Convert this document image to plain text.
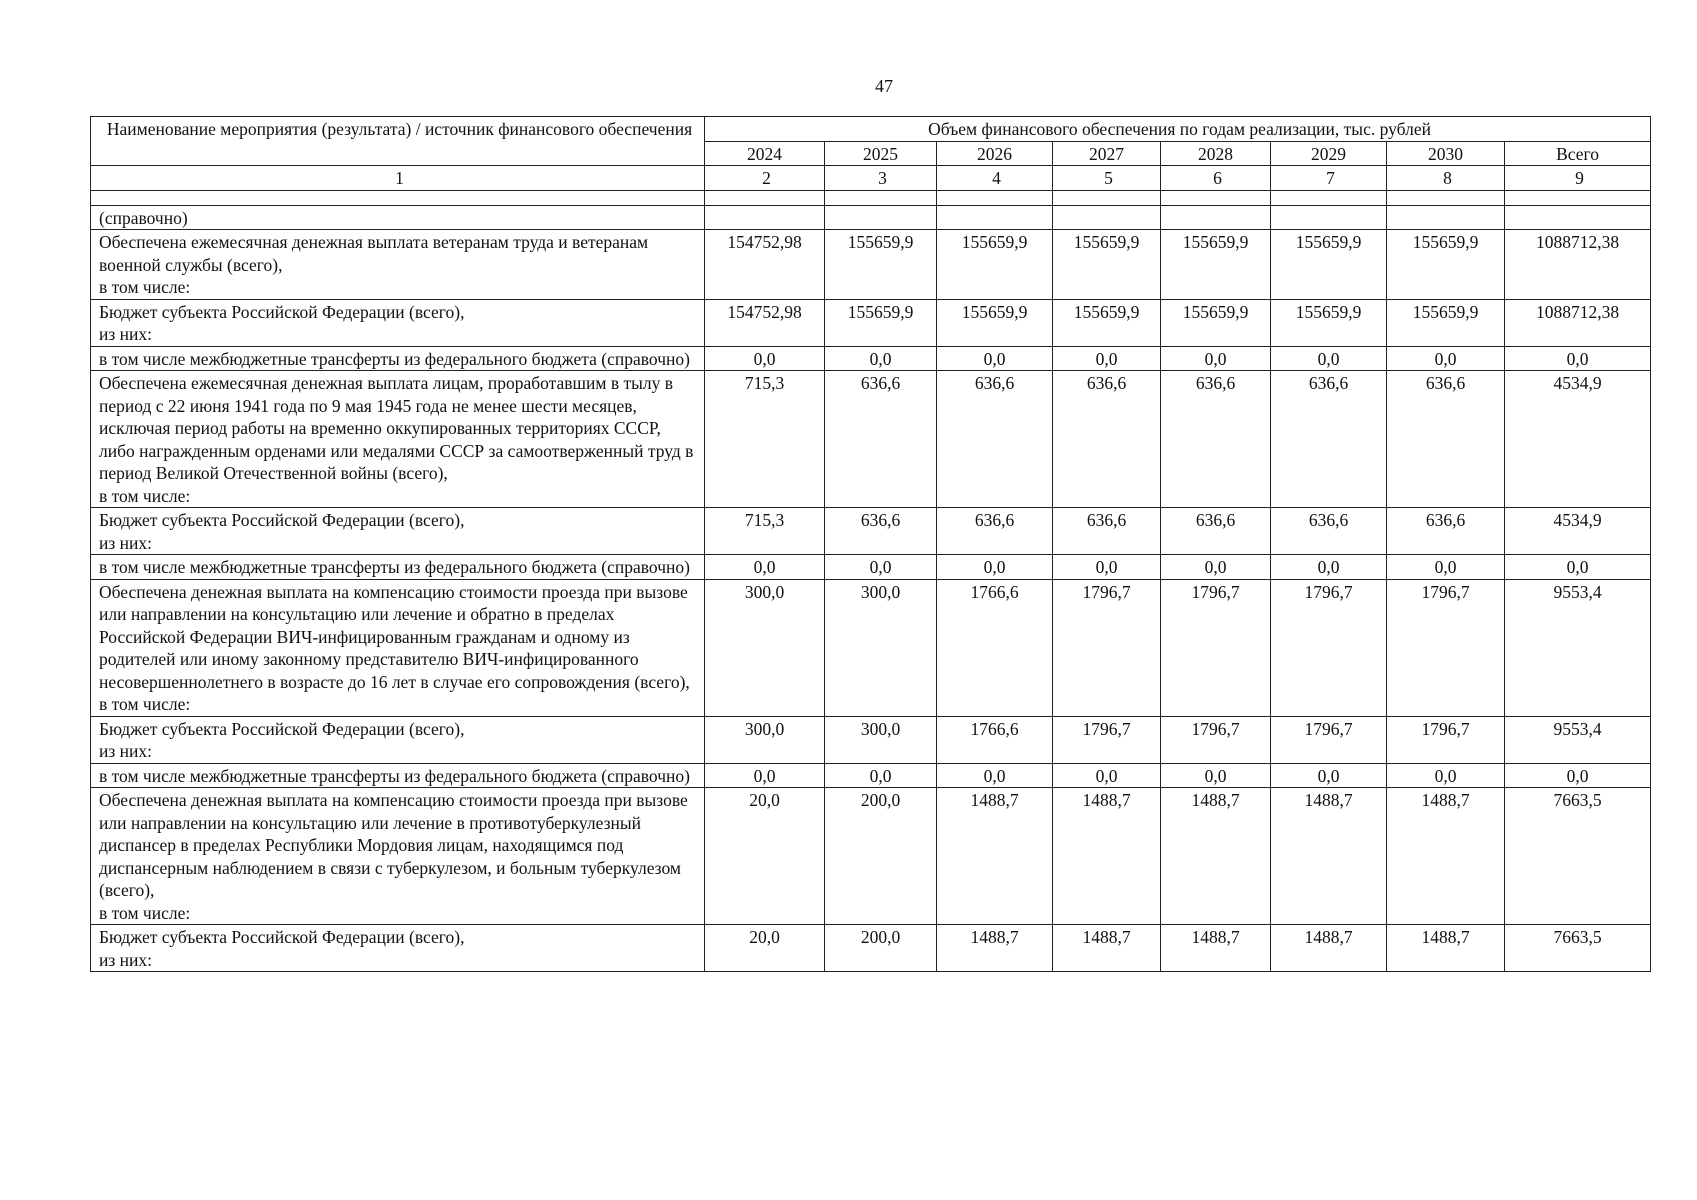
47
Наименование мероприятия (результата) / источник финансового обеспечения	Объем финансового обеспечения по годам реализации, тыс. рублей							
	2024	2025	2026	2027	2028	2029	2030	Всего
1	2	3	4	5	6	7	8	9

(справочно)								
Обеспечена ежемесячная денежная выплата ветеранам труда и ветеранам военной службы (всего),
в том числе:	154752,98	155659,9	155659,9	155659,9	155659,9	155659,9	155659,9	1088712,38
Бюджет субъекта Российской Федерации (всего),
из них:	154752,98	155659,9	155659,9	155659,9	155659,9	155659,9	155659,9	1088712,38
в том числе межбюджетные трансферты из федерального бюджета (справочно)	0,0	0,0	0,0	0,0	0,0	0,0	0,0	0,0
Обеспечена ежемесячная денежная выплата лицам, проработавшим в тылу в период с 22 июня 1941 года по 9 мая 1945 года не менее шести месяцев, исключая период работы на временно оккупированных территориях СССР, либо награжденным орденами или медалями СССР за самоотверженный труд в период Великой Отечественной войны (всего),
в том числе:	715,3	636,6	636,6	636,6	636,6	636,6	636,6	4534,9
Бюджет субъекта Российской Федерации (всего),
из них:	715,3	636,6	636,6	636,6	636,6	636,6	636,6	4534,9
в том числе межбюджетные трансферты из федерального бюджета (справочно)	0,0	0,0	0,0	0,0	0,0	0,0	0,0	0,0
Обеспечена денежная выплата на компенсацию стоимости проезда при вызове или направлении на консультацию или лечение и обратно в пределах Российской Федерации ВИЧ-инфицированным гражданам и одному из родителей или иному законному представителю ВИЧ-инфицированного несовершеннолетнего в возрасте до 16 лет в случае его сопровождения (всего),
в том числе:	300,0	300,0	1766,6	1796,7	1796,7	1796,7	1796,7	9553,4
Бюджет субъекта Российской Федерации (всего),
из них:	300,0	300,0	1766,6	1796,7	1796,7	1796,7	1796,7	9553,4
в том числе межбюджетные трансферты из федерального бюджета (справочно)	0,0	0,0	0,0	0,0	0,0	0,0	0,0	0,0
Обеспечена денежная выплата на компенсацию стоимости проезда при вызове или направлении на консультацию или лечение в противотуберкулезный диспансер в пределах Республики Мордовия лицам, находящимся под диспансерным наблюдением в связи с туберкулезом, и больным туберкулезом (всего),
в том числе:	20,0	200,0	1488,7	1488,7	1488,7	1488,7	1488,7	7663,5
Бюджет субъекта Российской Федерации (всего),
из них:	20,0	200,0	1488,7	1488,7	1488,7	1488,7	1488,7	7663,5
